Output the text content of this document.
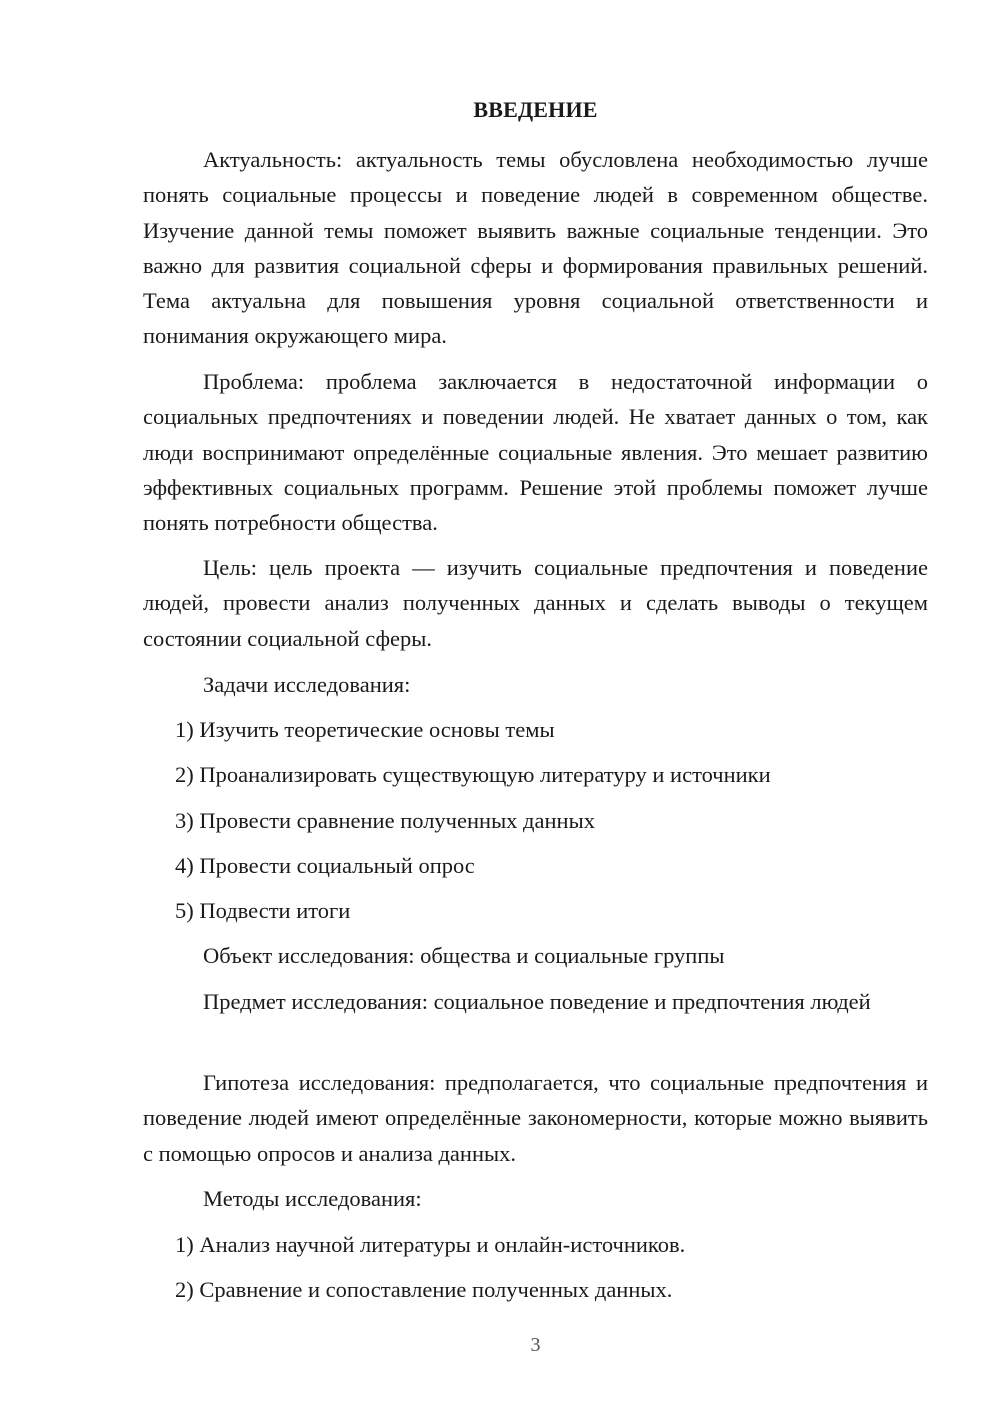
ВВЕДЕНИЕ

Актуальность: актуальность темы обусловлена необходимостью лучше понять социальные процессы и поведение людей в современном обществе. Изучение данной темы поможет выявить важные социальные тенденции. Это важно для развития социальной сферы и формирования правильных решений. Тема актуальна для повышения уровня социальной ответственности и понимания окружающего мира.

Проблема: проблема заключается в недостаточной информации о социальных предпочтениях и поведении людей. Не хватает данных о том, как люди воспринимают определённые социальные явления. Это мешает развитию эффективных социальных программ. Решение этой проблемы поможет лучше понять потребности общества.

Цель: цель проекта — изучить социальные предпочтения и поведение людей, провести анализ полученных данных и сделать выводы о текущем состоянии социальной сферы.

Задачи исследования:
1) Изучить теоретические основы темы
2) Проанализировать существующую литературу и источники
3) Провести сравнение полученных данных
4) Провести социальный опрос
5) Подвести итоги
Объект исследования: общества и социальные группы

Предмет исследования: социальное поведение и предпочтения людей

Гипотеза исследования: предполагается, что социальные предпочтения и поведение людей имеют определённые закономерности, которые можно выявить с помощью опросов и анализа данных.

Методы исследования:
1) Анализ научной литературы и онлайн-источников.
2) Сравнение и сопоставление полученных данных.
3
